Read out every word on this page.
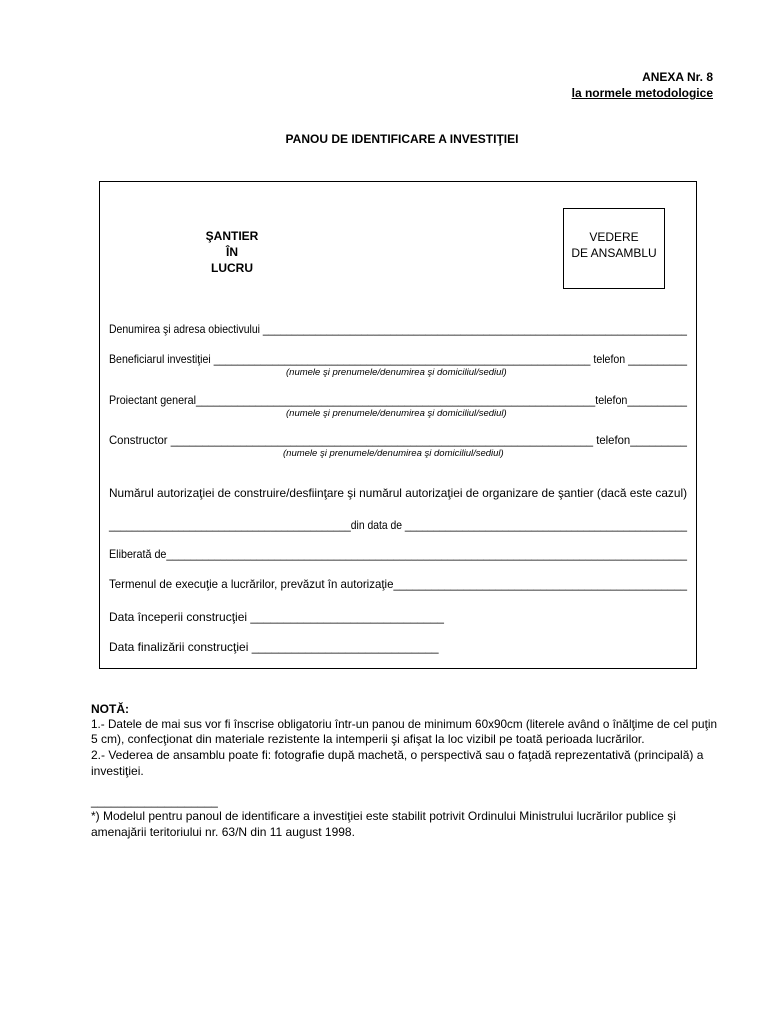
ANEXA Nr. 8
la normele metodologice
PANOU DE IDENTIFICARE A INVESTIŢIEI
ŞANTIER
ÎN
LUCRU
VEDERE
DE ANSAMBLU
Denumirea şi adresa obiectivului _________________________________________________________________________
Beneficiarul investiţiei ________________________________________________________________ telefon __________
(numele şi prenumele/denumirea şi domiciliul/sediul)
Proiectant general___________________________________________________________________telefon__________
(numele şi prenumele/denumirea şi domiciliul/sediul)
Constructor ___________________________________________________________________ telefon_________
(numele şi prenumele/denumirea şi domiciliul/sediul)
Numărul autorizaţiei de construire/desfiinţare şi numărul autorizaţiei de organizare de şantier (dacă este cazul)
__________________________________________din data de _________________________________________________
Eliberată de_______________________________________________________________________________________
Termenul de execuţie a lucrărilor, prevăzut în autorizaţie______________________________________________
Data începerii construcţiei _____________________________
Data finalizării construcţiei ____________________________
NOTĂ:
1.- Datele de mai sus vor fi înscrise obligatoriu într-un panou de minimum 60x90cm (literele având o înălţime de cel puţin
5 cm), confecţionat din materiale rezistente la intemperii şi afişat la loc vizibil pe toată perioada lucrărilor.
2.- Vederea de ansamblu poate fi: fotografie după machetă, o perspectivă sau o faţadă reprezentativă (principală) a
investiţiei.
___________________
*) Modelul pentru panoul de identificare a investiţiei este stabilit potrivit Ordinului Ministrului lucrărilor publice şi
amenajării teritoriului nr. 63/N din 11 august 1998.
